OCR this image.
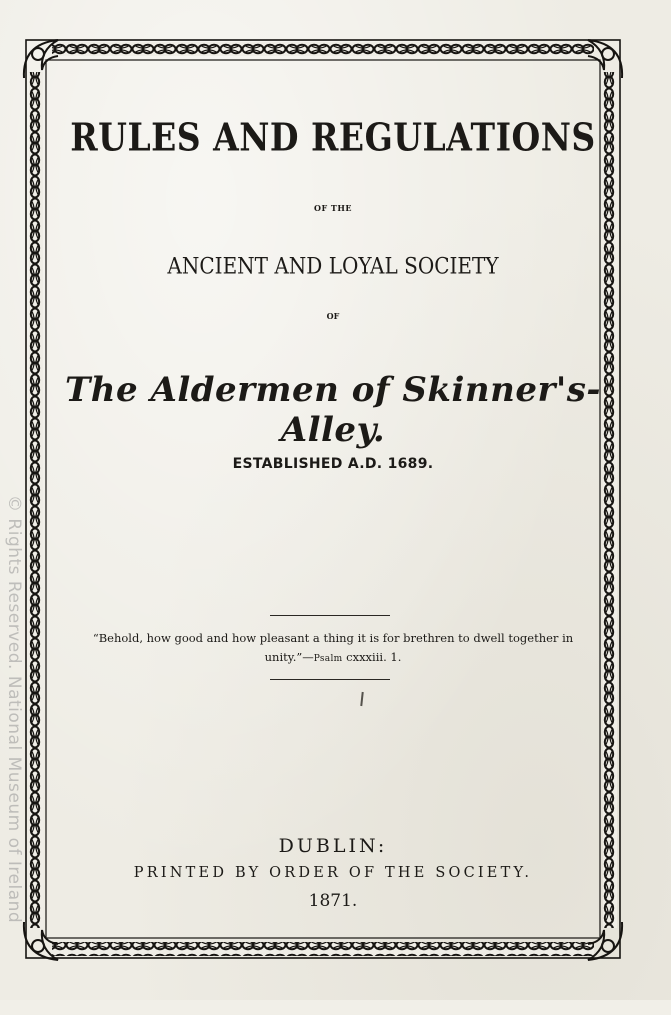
RULES AND REGULATIONS
OF THE
ANCIENT AND LOYAL SOCIETY
OF
The Aldermen of Skinner's-Alley.
ESTABLISHED A.D. 1689.
“Behold, how good and how pleasant a thing it is for brethren to dwell together in unity.”—Psalm cxxxiii. 1.
DUBLIN:
PRINTED BY ORDER OF THE SOCIETY.
1871.
© Rights Reserved. National Museum of Ireland
